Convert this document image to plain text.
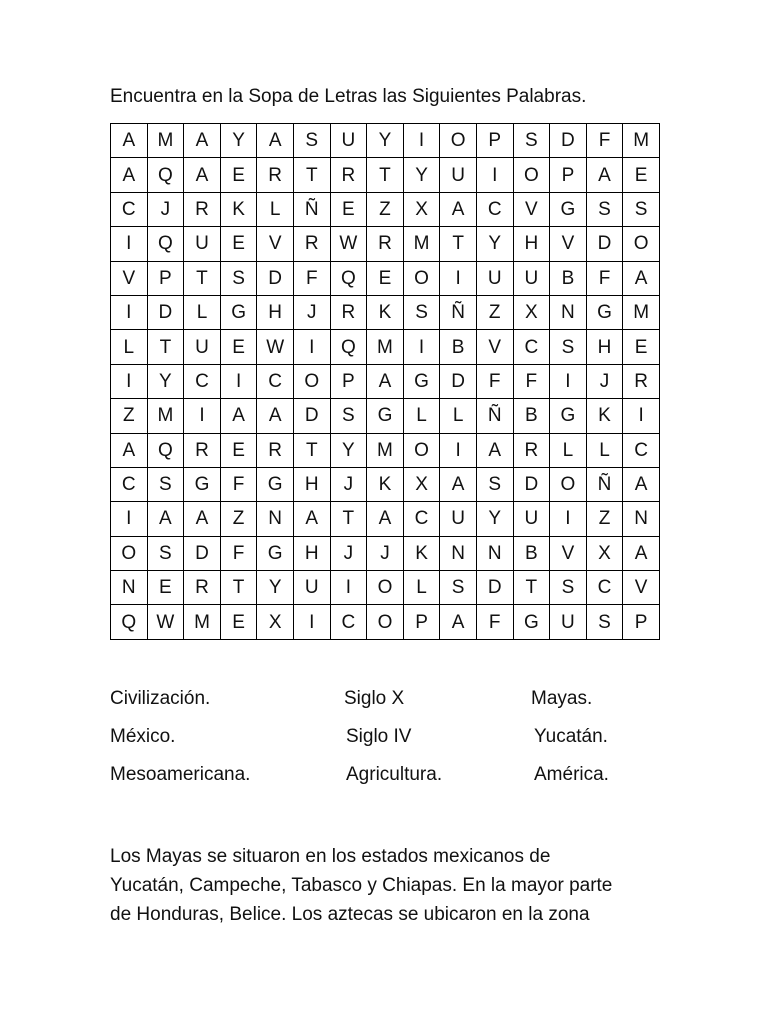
Encuentra en la Sopa de Letras las Siguientes Palabras.
A	M	A	Y	A	S	U	Y	I	O	P	S	D	F	M
A	Q	A	E	R	T	R	T	Y	U	I	O	P	A	E
C	J	R	K	L	Ñ	E	Z	X	A	C	V	G	S	S
I	Q	U	E	V	R	W	R	M	T	Y	H	V	D	O
V	P	T	S	D	F	Q	E	O	I	U	U	B	F	A
I	D	L	G	H	J	R	K	S	Ñ	Z	X	N	G	M
L	T	U	E	W	I	Q	M	I	B	V	C	S	H	E
I	Y	C	I	C	O	P	A	G	D	F	F	I	J	R
Z	M	I	A	A	D	S	G	L	L	Ñ	B	G	K	I
A	Q	R	E	R	T	Y	M	O	I	A	R	L	L	C
C	S	G	F	G	H	J	K	X	A	S	D	O	Ñ	A
I	A	A	Z	N	A	T	A	C	U	Y	U	I	Z	N
O	S	D	F	G	H	J	J	K	N	N	B	V	X	A
N	E	R	T	Y	U	I	O	L	S	D	T	S	C	V
Q	W	M	E	X	I	C	O	P	A	F	G	U	S	P
Civilización.	Siglo X	Mayas.
México.	Siglo IV	Yucatán.
Mesoamericana.	Agricultura.	América.
Los Mayas se situaron en los estados mexicanos de
Yucatán, Campeche, Tabasco y Chiapas. En la mayor parte
de Honduras, Belice. Los aztecas se ubicaron en la zona
